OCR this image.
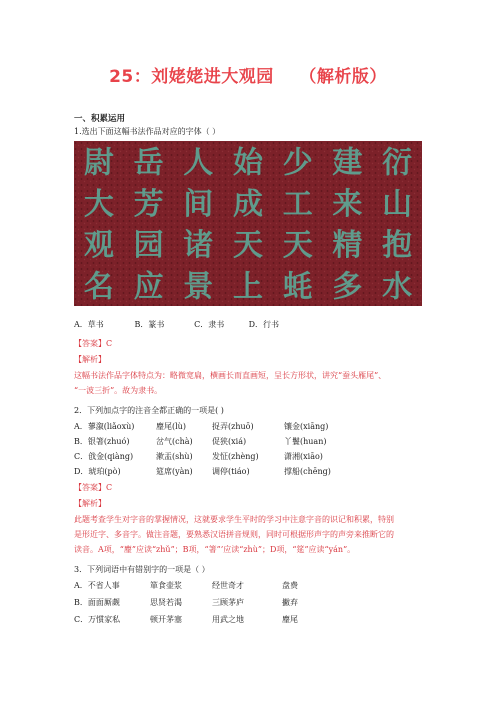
25：刘姥姥进大观园    （解析版）
一、积累运用
1.选出下面这幅书法作品对应的字体（ ）
尉 岳 人 始 少 建 衍
大 芳 间 成 工 来 山
观 园 诸 天 天 精 抱
名 应 景 上 蚝 多 水
A．草书	B．篆书	C．隶书	D．行书
【答案】C
【解析】
这幅书法作品字体特点为：略微宽扁，横画长而直画短，呈长方形状，讲究“蚕头雁尾”、
“一波三折”。故为隶书。
2．下列加点字的注音全都正确的一项是( )
A．蓼溆(liǎoxù)	麈尾(lù)	捉弄(zhuō)	镶金(xiāng)
B．银箸(zhuó)	岔气(chà) 促狭(xiá)	丫鬟(huan)
C．戗金(qiàng)	漱盂(shù) 发怔(zhèng)	潇湘(xiāo)
D．琥珀(pò)	筵席(yàn) 调停(tiáo)	撑船(chēng)
【答案】C
【解析】
此题考查学生对字音的掌握情况，这就要求学生平时的学习中注意字音的识记和积累，特别
是形近字、多音字。做注音题，要熟悉汉语拼音规则，同时可根据形声字的声旁来推断它的
读音。A项，“麈”应读“zhǔ”；B项，“箸”’应读“zhù”；D项，“筵”应读“yán”。
3．下列词语中有错别字的一项是（ ）
A．不省人事	箪食壶浆	经世奇才	盘费
B．面面厮觑	思贤若渴	三顾茅庐	撇弃
C．万惯家私	顿开茅塞	用武之地	麈尾
